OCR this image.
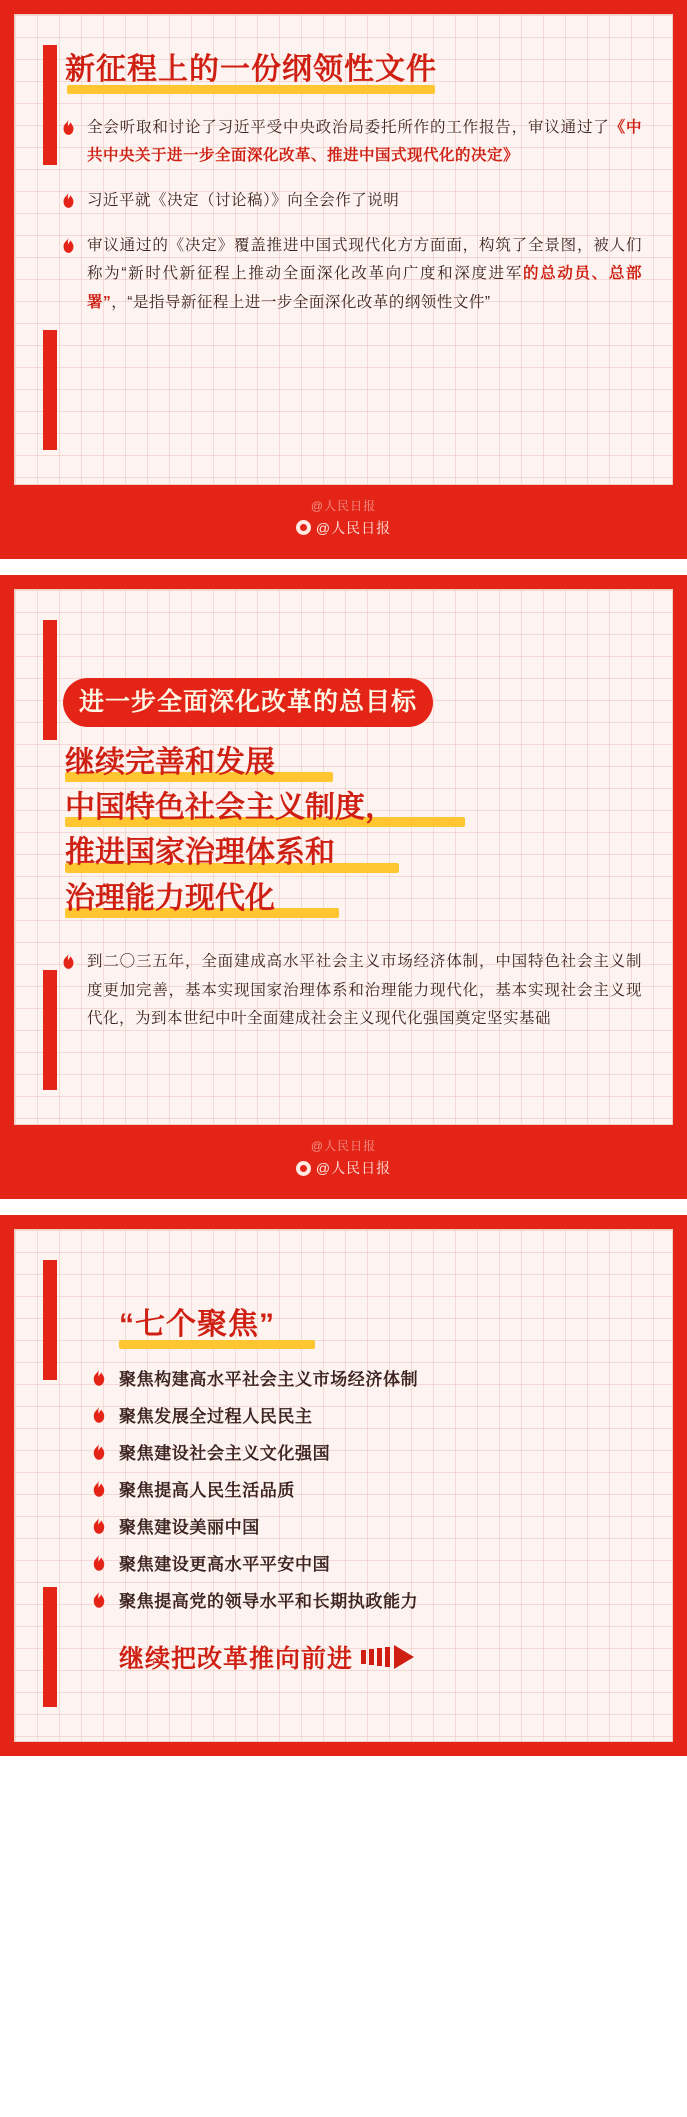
新征程上的一份纲领性文件
全会听取和讨论了习近平受中央政治局委托所作的工作报告，审议通过了《中共中央关于进一步全面深化改革、推进中国式现代化的决定》
习近平就《决定（讨论稿）》向全会作了说明
审议通过的《决定》覆盖推进中国式现代化方方面面，构筑了全景图，被人们称为“新时代新征程上推动全面深化改革向广度和深度进军的总动员、总部署”，“是指导新征程上进一步全面深化改革的纲领性文件”
@人民日报
@人民日报
进一步全面深化改革的总目标
继续完善和发展
中国特色社会主义制度，
推进国家治理体系和
治理能力现代化
到二〇三五年，全面建成高水平社会主义市场经济体制，中国特色社会主义制度更加完善，基本实现国家治理体系和治理能力现代化，基本实现社会主义现代化，为到本世纪中叶全面建成社会主义现代化强国奠定坚实基础
@人民日报
@人民日报
“七个聚焦”
聚焦构建高水平社会主义市场经济体制
聚焦发展全过程人民民主
聚焦建设社会主义文化强国
聚焦提高人民生活品质
聚焦建设美丽中国
聚焦建设更高水平平安中国
聚焦提高党的领导水平和长期执政能力
继续把改革推向前进
